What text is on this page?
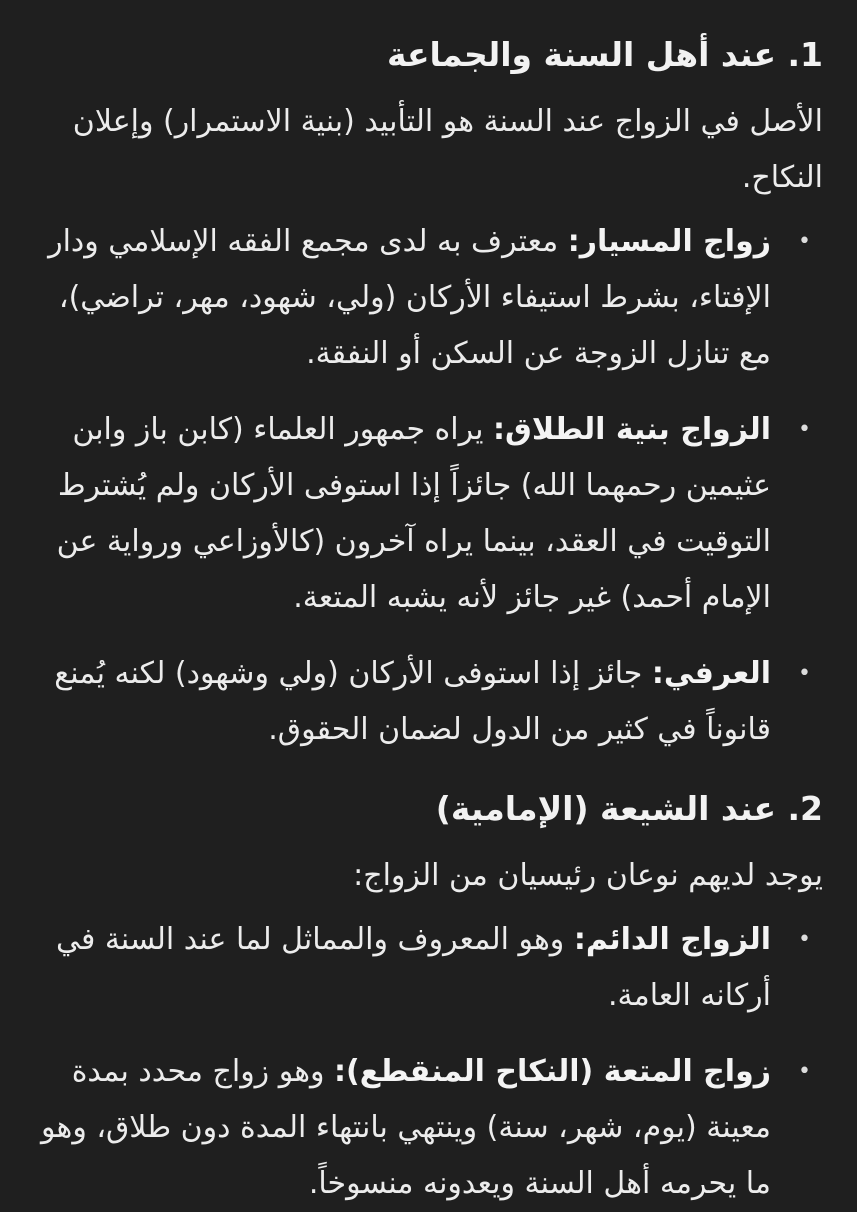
1. عند أهل السنة والجماعة

الأصل في الزواج عند السنة هو التأبيد (بنية الاستمرار) وإعلان النكاح.

• زواج المسيار: معترف به لدى مجمع الفقه الإسلامي ودار الإفتاء، بشرط استيفاء الأركان (ولي، شهود، مهر، تراضي)، مع تنازل الزوجة عن السكن أو النفقة.
• الزواج بنية الطلاق: يراه جمهور العلماء (كابن باز وابن عثيمين رحمهما الله) جائزاً إذا استوفى الأركان ولم يُشترط التوقيت في العقد، بينما يراه آخرون (كالأوزاعي ورواية عن الإمام أحمد) غير جائز لأنه يشبه المتعة.
• العرفي: جائز إذا استوفى الأركان (ولي وشهود) لكنه يُمنع قانوناً في كثير من الدول لضمان الحقوق.
2. عند الشيعة (الإمامية)

يوجد لديهم نوعان رئيسيان من الزواج:

• الزواج الدائم: وهو المعروف والمماثل لما عند السنة في أركانه العامة.
• زواج المتعة (النكاح المنقطع): وهو زواج محدد بمدة معينة (يوم، شهر، سنة) وينتهي بانتهاء المدة دون طلاق، وهو ما يحرمه أهل السنة ويعدونه منسوخاً.
